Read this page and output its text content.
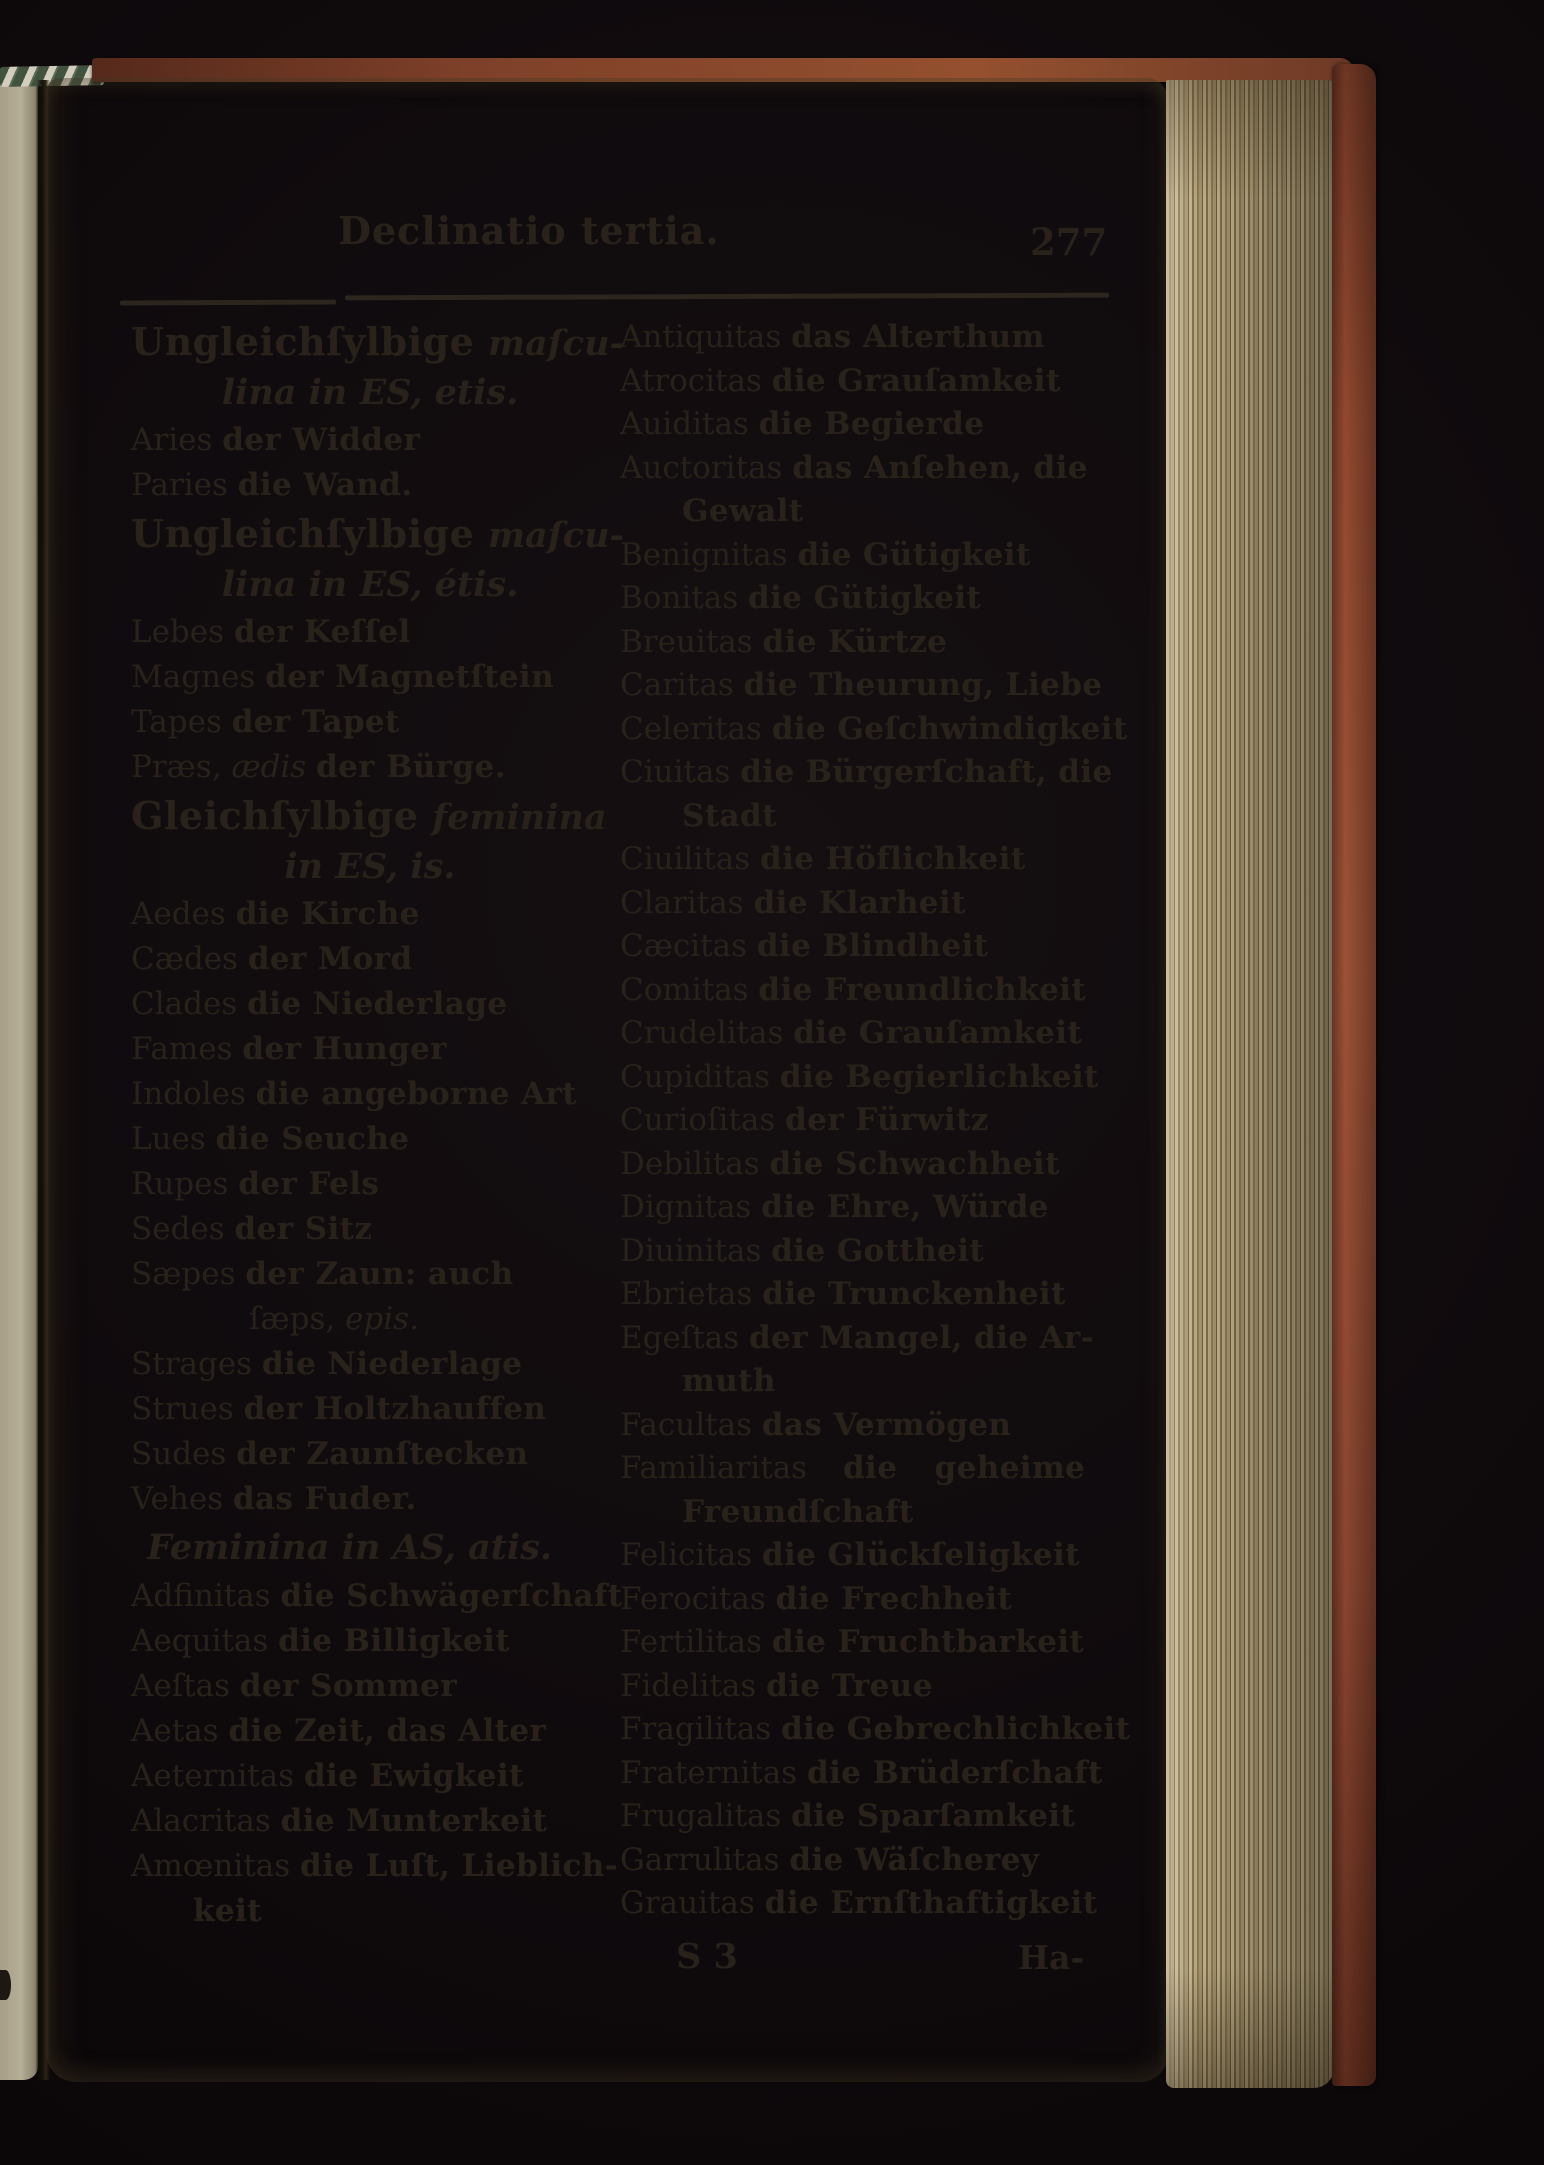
Declinatio tertia.	277
Ungleichſylbige maſcu-
lina in ES, etis.
Aries der Widder
Paries die Wand.
Ungleichſylbige maſcu-
lina in ES, étis.
Lebes der Keſſel
Magnes der Magnetſtein
Tapes der Tapet
Præs, ædis der Bürge.
Gleichſylbige feminina
in ES, is.
Aedes die Kirche
Cædes der Mord
Clades die Niederlage
Fames der Hunger
Indoles die angeborne Art
Lues die Seuche
Rupes der Fels
Sedes der Sitz
Sæpes der Zaun: auch
ſæps, epis.
Strages die Niederlage
Strues der Holtzhauffen
Sudes der Zaunſtecken
Vehes das Fuder.
Feminina in AS, atis.
Adfinitas die Schwägerſchaft
Aequitas die Billigkeit
Aeſtas der Sommer
Aetas die Zeit, das Alter
Aeternitas die Ewigkeit
Alacritas die Munterkeit
Amœnitas die Luſt, Lieblich-
keit
Antiquitas das Alterthum
Atrocitas die Grauſamkeit
Auiditas die Begierde
Auctoritas das Anſehen, die
Gewalt
Benignitas die Gütigkeit
Bonitas die Gütigkeit
Breuitas die Kürtze
Caritas die Theurung, Liebe
Celeritas die Geſchwindigkeit
Ciuitas die Bürgerſchaft, die
Stadt
Ciuilitas die Höflichkeit
Claritas die Klarheit
Cæcitas die Blindheit
Comitas die Freundlichkeit
Crudelitas die Grauſamkeit
Cupiditas die Begierlichkeit
Curioſitas der Fürwitz
Debilitas die Schwachheit
Dignitas die Ehre, Würde
Diuinitas die Gottheit
Ebrietas die Trunckenheit
Egeſtas der Mangel, die Ar-
muth
Facultas das Vermögen
Familiaritas die geheime
Freundſchaft
Felicitas die Glückſeligkeit
Ferocitas die Frechheit
Fertilitas die Fruchtbarkeit
Fidelitas die Treue
Fragilitas die Gebrechlichkeit
Fraternitas die Brüderſchaft
Frugalitas die Sparſamkeit
Garrulitas die Wäſcherey
Grauitas die Ernſthaftigkeit
S 3	Ha-
